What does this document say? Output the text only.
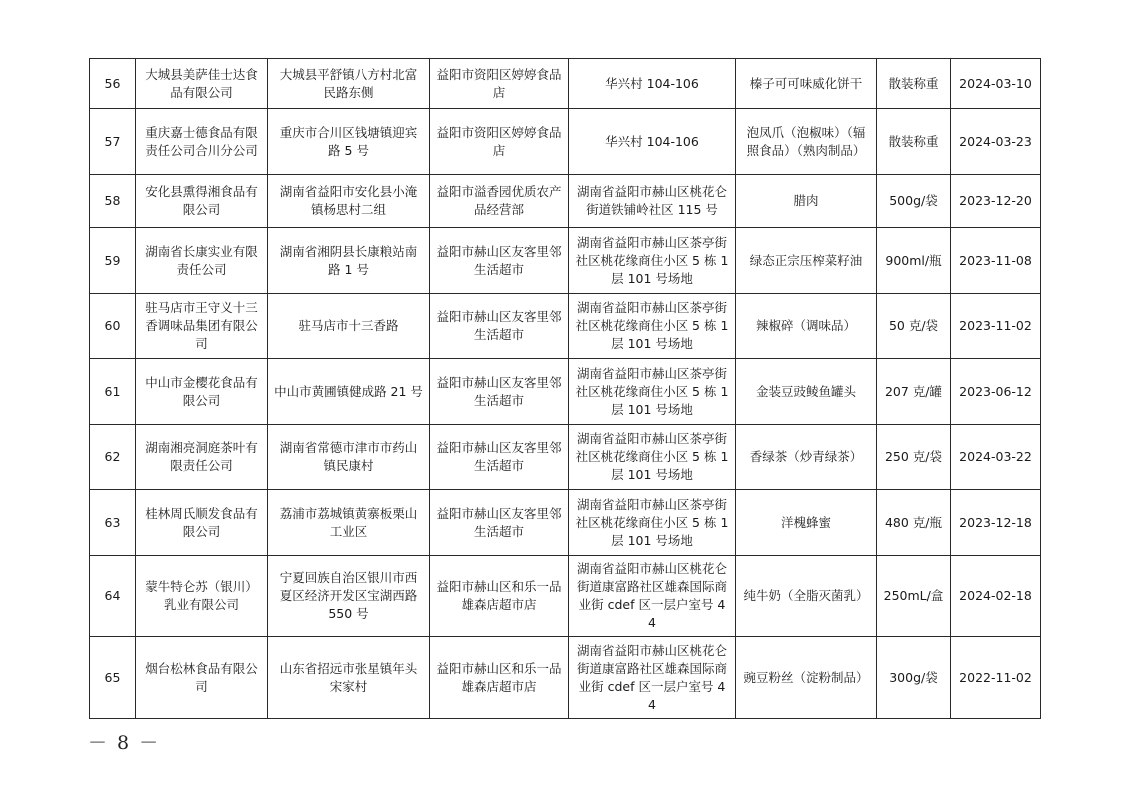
56	大城县美萨佳士达食品有限公司	大城县平舒镇八方村北富民路东侧	益阳市资阳区婷婷食品店	华兴村 104-106	榛子可可味威化饼干	散装称重	2024-03-10
57	重庆嘉士德食品有限责任公司合川分公司	重庆市合川区钱塘镇迎宾路 5 号	益阳市资阳区婷婷食品店	华兴村 104-106	泡凤爪（泡椒味）（辐照食品）（熟肉制品）	散装称重	2024-03-23
58	安化县熏得湘食品有限公司	湖南省益阳市安化县小淹镇杨思村二组	益阳市溢香园优质农产品经营部	湖南省益阳市赫山区桃花仑街道铁铺岭社区 115 号	腊肉	500g/袋	2023-12-20
59	湖南省长康实业有限责任公司	湖南省湘阴县长康粮站南路 1 号	益阳市赫山区友客里邻生活超市	湖南省益阳市赫山区茶亭街社区桃花缘商住小区 5 栋 1 层 101 号场地	绿态正宗压榨菜籽油	900ml/瓶	2023-11-08
60	驻马店市王守义十三香调味品集团有限公司	驻马店市十三香路	益阳市赫山区友客里邻生活超市	湖南省益阳市赫山区茶亭街社区桃花缘商住小区 5 栋 1 层 101 号场地	辣椒碎（调味品）	50 克/袋	2023-11-02
61	中山市金樱花食品有限公司	中山市黄圃镇健成路 21 号	益阳市赫山区友客里邻生活超市	湖南省益阳市赫山区茶亭街社区桃花缘商住小区 5 栋 1 层 101 号场地	金装豆豉鲮鱼罐头	207 克/罐	2023-06-12
62	湖南湘亮洞庭茶叶有限责任公司	湖南省常德市津市市药山镇民康村	益阳市赫山区友客里邻生活超市	湖南省益阳市赫山区茶亭街社区桃花缘商住小区 5 栋 1 层 101 号场地	香绿茶（炒青绿茶）	250 克/袋	2024-03-22
63	桂林周氏顺发食品有限公司	荔浦市荔城镇黄寨板栗山工业区	益阳市赫山区友客里邻生活超市	湖南省益阳市赫山区茶亭街社区桃花缘商住小区 5 栋 1 层 101 号场地	洋槐蜂蜜	480 克/瓶	2023-12-18
64	蒙牛特仑苏（银川）乳业有限公司	宁夏回族自治区银川市西夏区经济开发区宝湖西路 550 号	益阳市赫山区和乐一品雄森店超市店	湖南省益阳市赫山区桃花仑街道康富路社区雄森国际商业街 cdef 区一层户室号 44	纯牛奶（全脂灭菌乳）	250mL/盒	2024-02-18
65	烟台松林食品有限公司	山东省招远市张星镇年头宋家村	益阳市赫山区和乐一品雄森店超市店	湖南省益阳市赫山区桃花仑街道康富路社区雄森国际商业街 cdef 区一层户室号 44	豌豆粉丝（淀粉制品）	300g/袋	2022-11-02
－ 8 －
